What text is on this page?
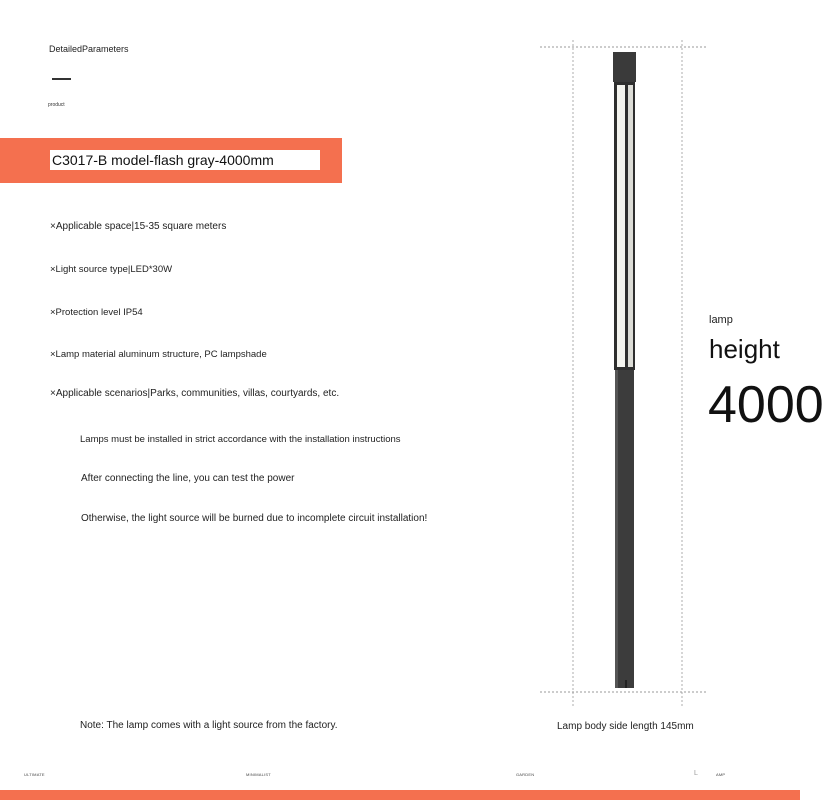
DetailedParameters
product
C3017-B model-flash gray-4000mm
×Applicable space|15-35 square meters
×Light source type|LED*30W
×Protection level IP54
×Lamp material aluminum structure, PC lampshade
×Applicable scenarios|Parks, communities, villas, courtyards, etc.
Lamps must be installed in strict accordance with the installation instructions
After connecting the line, you can test the power
Otherwise, the light source will be burned due to incomplete circuit installation!
Note: The lamp comes with a light source from the factory.	Lamp body side length 145mm
lamp
height
4000
ULTIMATE	MINIMALIST	GARDEN	L	AMP
